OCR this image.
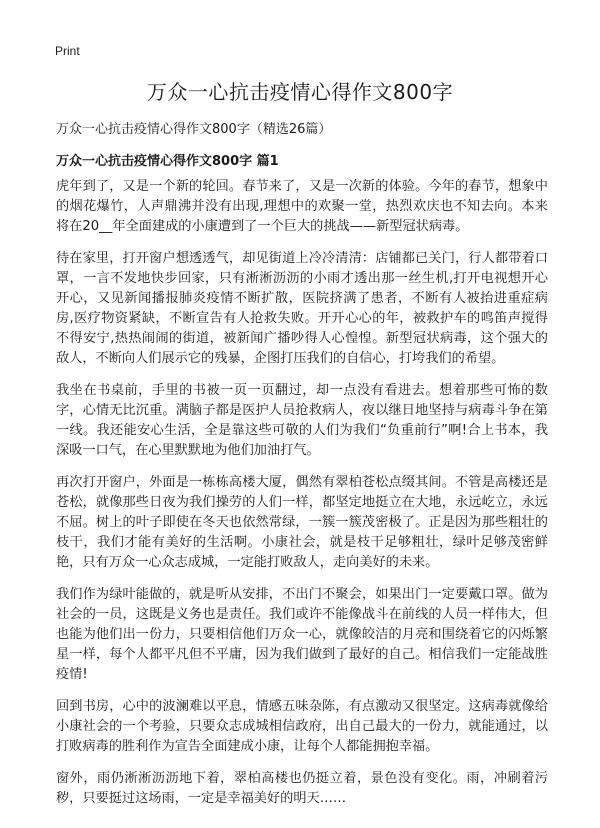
Print
万众一心抗击疫情心得作文800字

万众一心抗击疫情心得作文800字（精选26篇）

万众一心抗击疫情心得作文800字 篇1

虎年到了，又是一个新的轮回。春节来了，又是一次新的体验。今年的春节，想象中的烟花爆竹，人声鼎沸并没有出现,理想中的欢聚一堂，热烈欢庆也不知去向。本来将在20__年全面建成的小康遭到了一个巨大的挑战——新型冠状病毒。

待在家里，打开窗户想透透气，却见街道上冷冷清清：店铺都已关门，行人都带着口罩，一言不发地快步回家，只有淅淅沥沥的小雨才透出那一丝生机,打开电视想开心开心，又见新闻播报肺炎疫情不断扩散，医院挤满了患者，不断有人被抬进重症病房,医疗物资紧缺，不断宣告有人抢救失败。开开心心的年，被救护车的鸣笛声搅得不得安宁,热热闹闹的街道，被新闻广播吵得人心惶惶。新型冠状病毒，这个强大的敌人，不断向人们展示它的残暴，企图打压我们的自信心，打垮我们的希望。

我坐在书桌前，手里的书被一页一页翻过，却一点没有看进去。想着那些可怖的数字，心情无比沉重。满脑子都是医护人员抢救病人，夜以继日地坚持与病毒斗争在第一线。我还能安心生活，全是靠这些可敬的人们为我们“负重前行”啊!合上书本，我深吸一口气，在心里默默地为他们加油打气。

再次打开窗户，外面是一栋栋高楼大厦，偶然有翠柏苍松点缀其间。不管是高楼还是苍松，就像那些日夜为我们操劳的人们一样，都坚定地挺立在大地，永远屹立，永远不屈。树上的叶子即使在冬天也依然常绿，一簇一簇茂密极了。正是因为那些粗壮的枝干，我们才能有美好的生活啊。小康社会，就是枝干足够粗壮，绿叶足够茂密鲜艳，只有万众一心众志成城，一定能打败敌人，走向美好的未来。

我们作为绿叶能做的，就是听从安排，不出门不聚会，如果出门一定要戴口罩。做为社会的一员，这既是义务也是责任。我们或许不能像战斗在前线的人员一样伟大，但也能为他们出一份力，只要相信他们万众一心，就像皎洁的月亮和围绕着它的闪烁繁星一样，每个人都平凡但不平庸，因为我们做到了最好的自己。相信我们一定能战胜疫情!

回到书房，心中的波澜难以平息，情感五味杂陈，有点激动又很坚定。这病毒就像给小康社会的一个考验，只要众志成城相信政府，出自己最大的一份力，就能通过，以打败病毒的胜利作为宣告全面建成小康，让每个人都能拥抱幸福。

窗外，雨仍淅淅沥沥地下着，翠柏高楼也仍挺立着，景色没有变化。雨，冲刷着污秽，只要挺过这场雨，一定是幸福美好的明天……
